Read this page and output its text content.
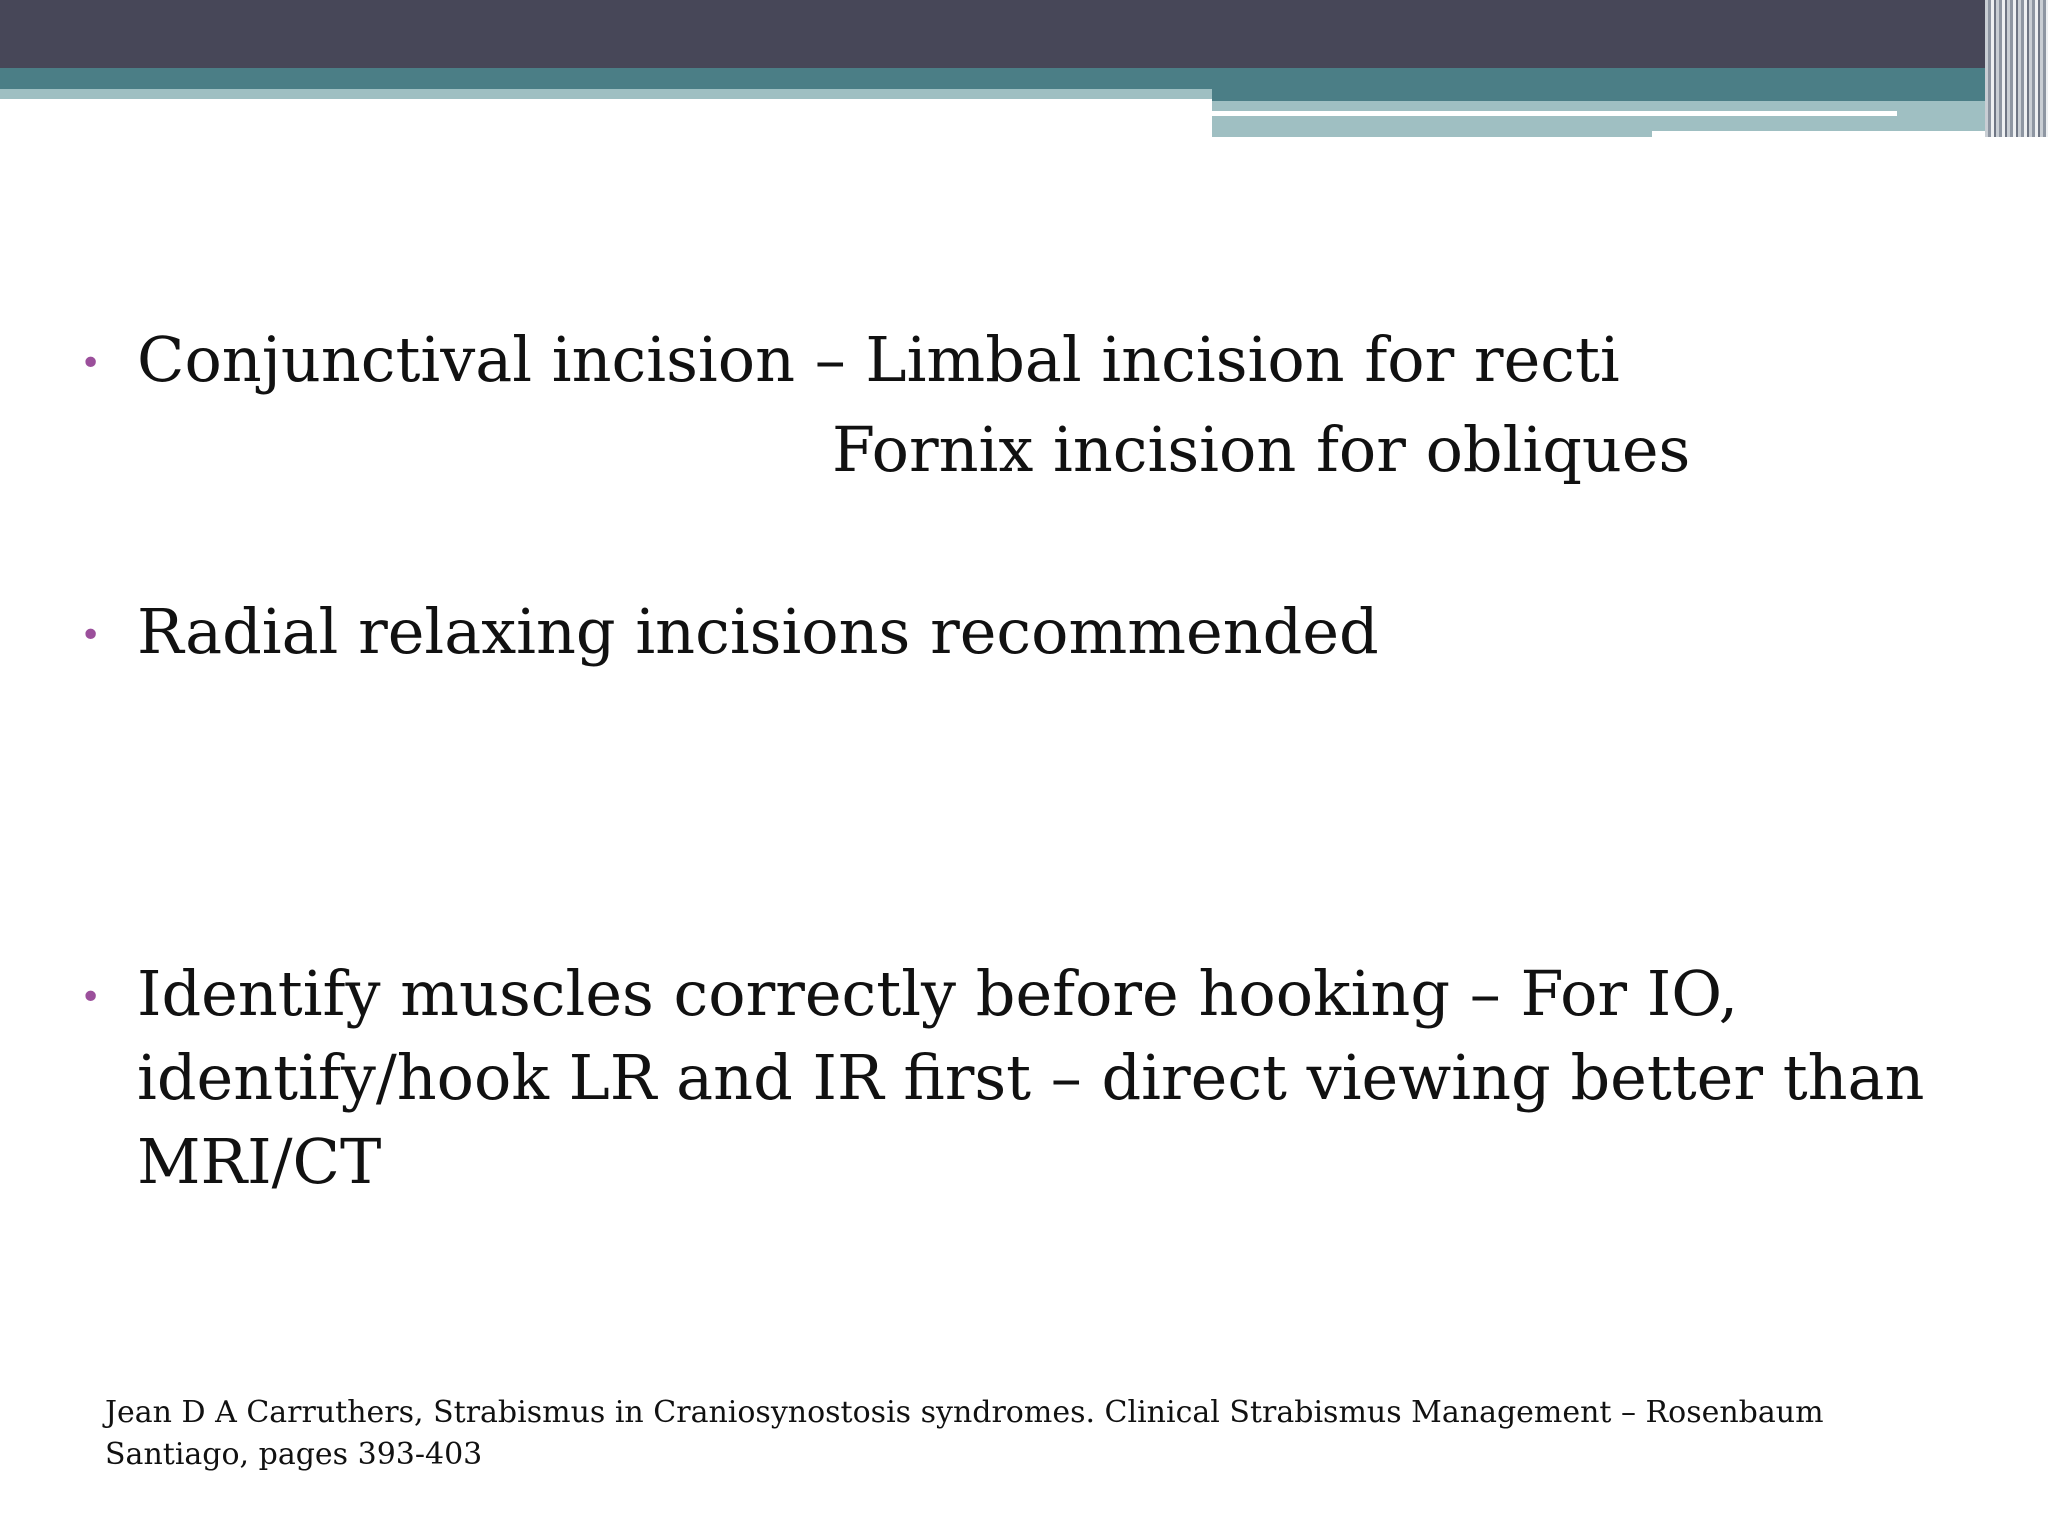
• Conjunctival incision – Limbal incision for recti
Fornix incision for obliques
• Radial relaxing incisions recommended
• Identify muscles correctly before hooking – For IO,
identify/hook LR and IR first – direct viewing better than
MRI/CT
Jean D A Carruthers, Strabismus in Craniosynostosis syndromes. Clinical Strabismus Management – Rosenbaum
Santiago, pages 393-403
